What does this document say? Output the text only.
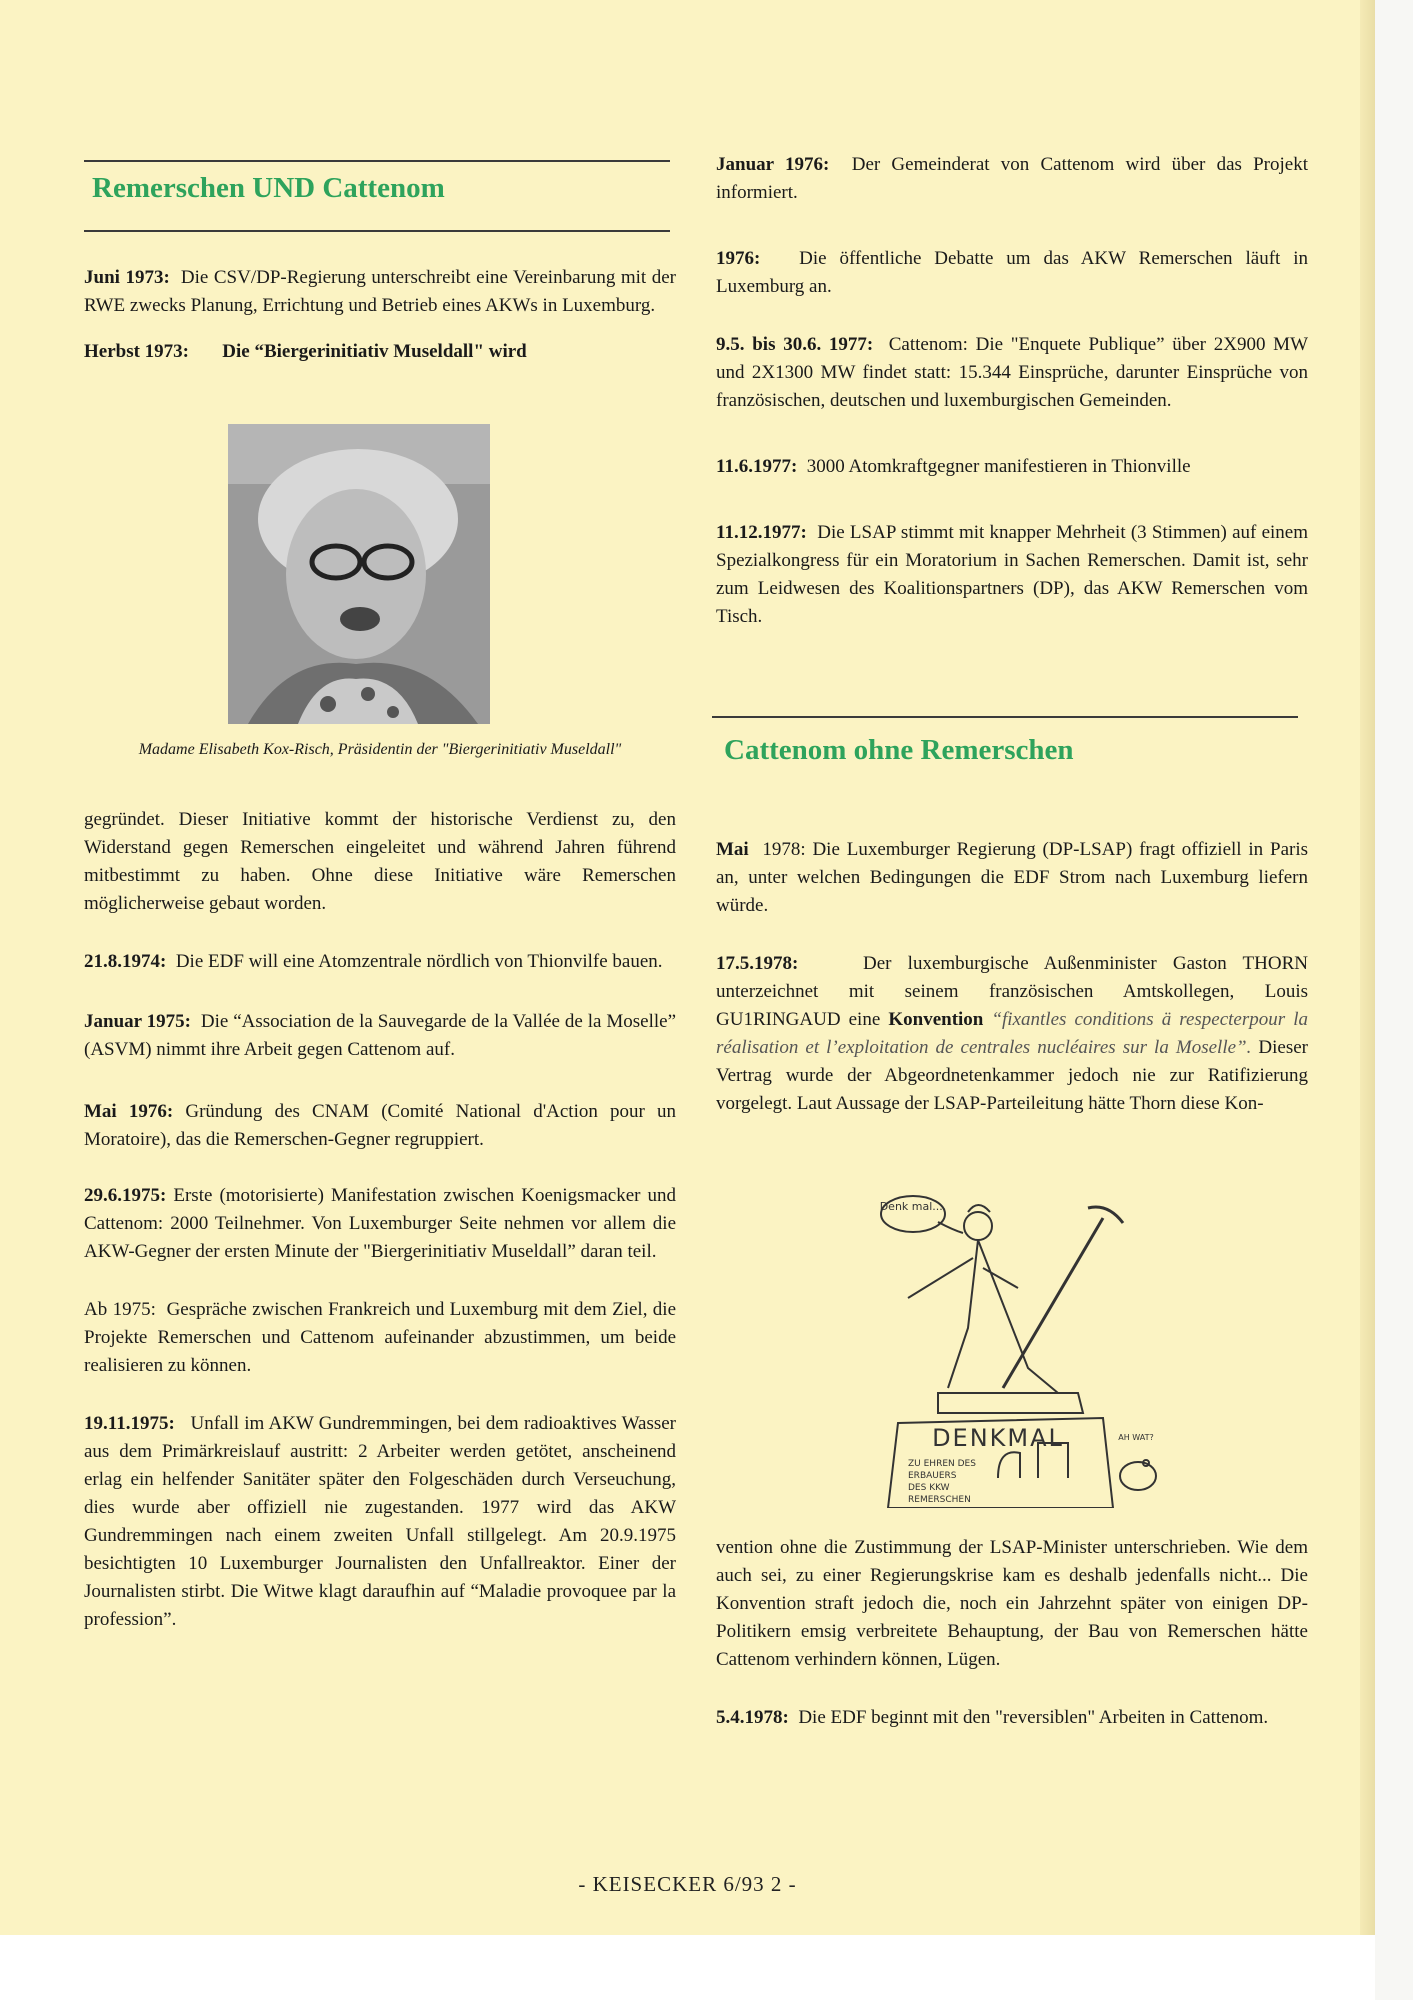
Remerschen UND Cattenom

Juni 1973: Die CSV/DP-Regierung unterschreibt eine Vereinbarung mit der RWE zwecks Planung, Errichtung und Betrieb eines AKWs in Luxemburg.

Herbst 1973: Die “Biergerinitiativ Museldall" wird

Madame Elisabeth Kox-Risch, Präsidentin der "Biergerinitiativ Museldall"

gegründet. Dieser Initiative kommt der historische Verdienst zu, den Widerstand gegen Remerschen eingeleitet und während Jahren führend mitbestimmt zu haben. Ohne diese Initiative wäre Remerschen möglicherweise gebaut worden.

21.8.1974: Die EDF will eine Atomzentrale nördlich von Thionvilfe bauen.

Januar 1975: Die “Association de la Sauvegarde de la Vallée de la Moselle” (ASVM) nimmt ihre Arbeit gegen Cattenom auf.

Mai 1976: Gründung des CNAM (Comité National d'Action pour un Moratoire), das die Remerschen-Gegner regruppiert.

29.6.1975: Erste (motorisierte) Manifestation zwischen Koenigsmacker und Cattenom: 2000 Teilnehmer. Von Luxemburger Seite nehmen vor allem die AKW-Gegner der ersten Minute der "Biergerinitiativ Museldall” daran teil.

Ab 1975: Gespräche zwischen Frankreich und Luxemburg mit dem Ziel, die Projekte Remerschen und Cattenom aufeinander abzustimmen, um beide realisieren zu können.

19.11.1975: Unfall im AKW Gundremmingen, bei dem radioaktives Wasser aus dem Primärkreislauf austritt: 2 Arbeiter werden getötet, anscheinend erlag ein helfender Sanitäter später den Folgeschäden durch Verseuchung, dies wurde aber offiziell nie zugestanden. 1977 wird das AKW Gundremmingen nach einem zweiten Unfall stillgelegt. Am 20.9.1975 besichtigten 10 Luxemburger Journalisten den Unfallreaktor. Einer der Journalisten stirbt. Die Witwe klagt daraufhin auf “Maladie provoquee par la profession”.

Januar 1976: Der Gemeinderat von Cattenom wird über das Projekt informiert.

1976: Die öffentliche Debatte um das AKW Remerschen läuft in Luxemburg an.

9.5. bis 30.6. 1977: Cattenom: Die "Enquete Publique” über 2X900 MW und 2X1300 MW findet statt: 15.344 Einsprüche, darunter Einsprüche von französischen, deutschen und luxemburgischen Gemeinden.

11.6.1977: 3000 Atomkraftgegner manifestieren in Thionville

11.12.1977: Die LSAP stimmt mit knapper Mehrheit (3 Stimmen) auf einem Spezialkongress für ein Moratorium in Sachen Remerschen. Damit ist, sehr zum Leidwesen des Koalitionspartners (DP), das AKW Remerschen vom Tisch.

Cattenom ohne Remerschen

Mai 1978: Die Luxemburger Regierung (DP-LSAP) fragt offiziell in Paris an, unter welchen Bedingungen die EDF Strom nach Luxemburg liefern würde.

17.5.1978:	Der luxemburgische Außenminister Gaston THORN unterzeichnet mit seinem französischen Amtskollegen, Louis GU1RINGAUD eine Konvention “fixantles conditions ä respecterpour la réalisation et l’exploitation de centrales nucléaires sur la Moselle”. Dieser Vertrag wurde der Abgeordnetenkammer jedoch nie zur Ratifizierung vorgelegt. Laut Aussage der LSAP-Parteileitung hätte Thorn diese Kon-

Denk mal....
DENKMAL
ZU EHREN DES
ERBAUERS
DES KKW
REMERSCHEN
AH WAT?

vention ohne die Zustimmung der LSAP-Minister unterschrieben. Wie dem auch sei, zu einer Regierungskrise kam es deshalb jedenfalls nicht... Die Konvention straft jedoch die, noch ein Jahrzehnt später von einigen DP-Politikern emsig verbreitete Behauptung, der Bau von Remerschen hätte Cattenom verhindern können, Lügen.

5.4.1978: Die EDF beginnt mit den "reversiblen" Arbeiten in Cattenom.

- KEISECKER 6/93 2 -
